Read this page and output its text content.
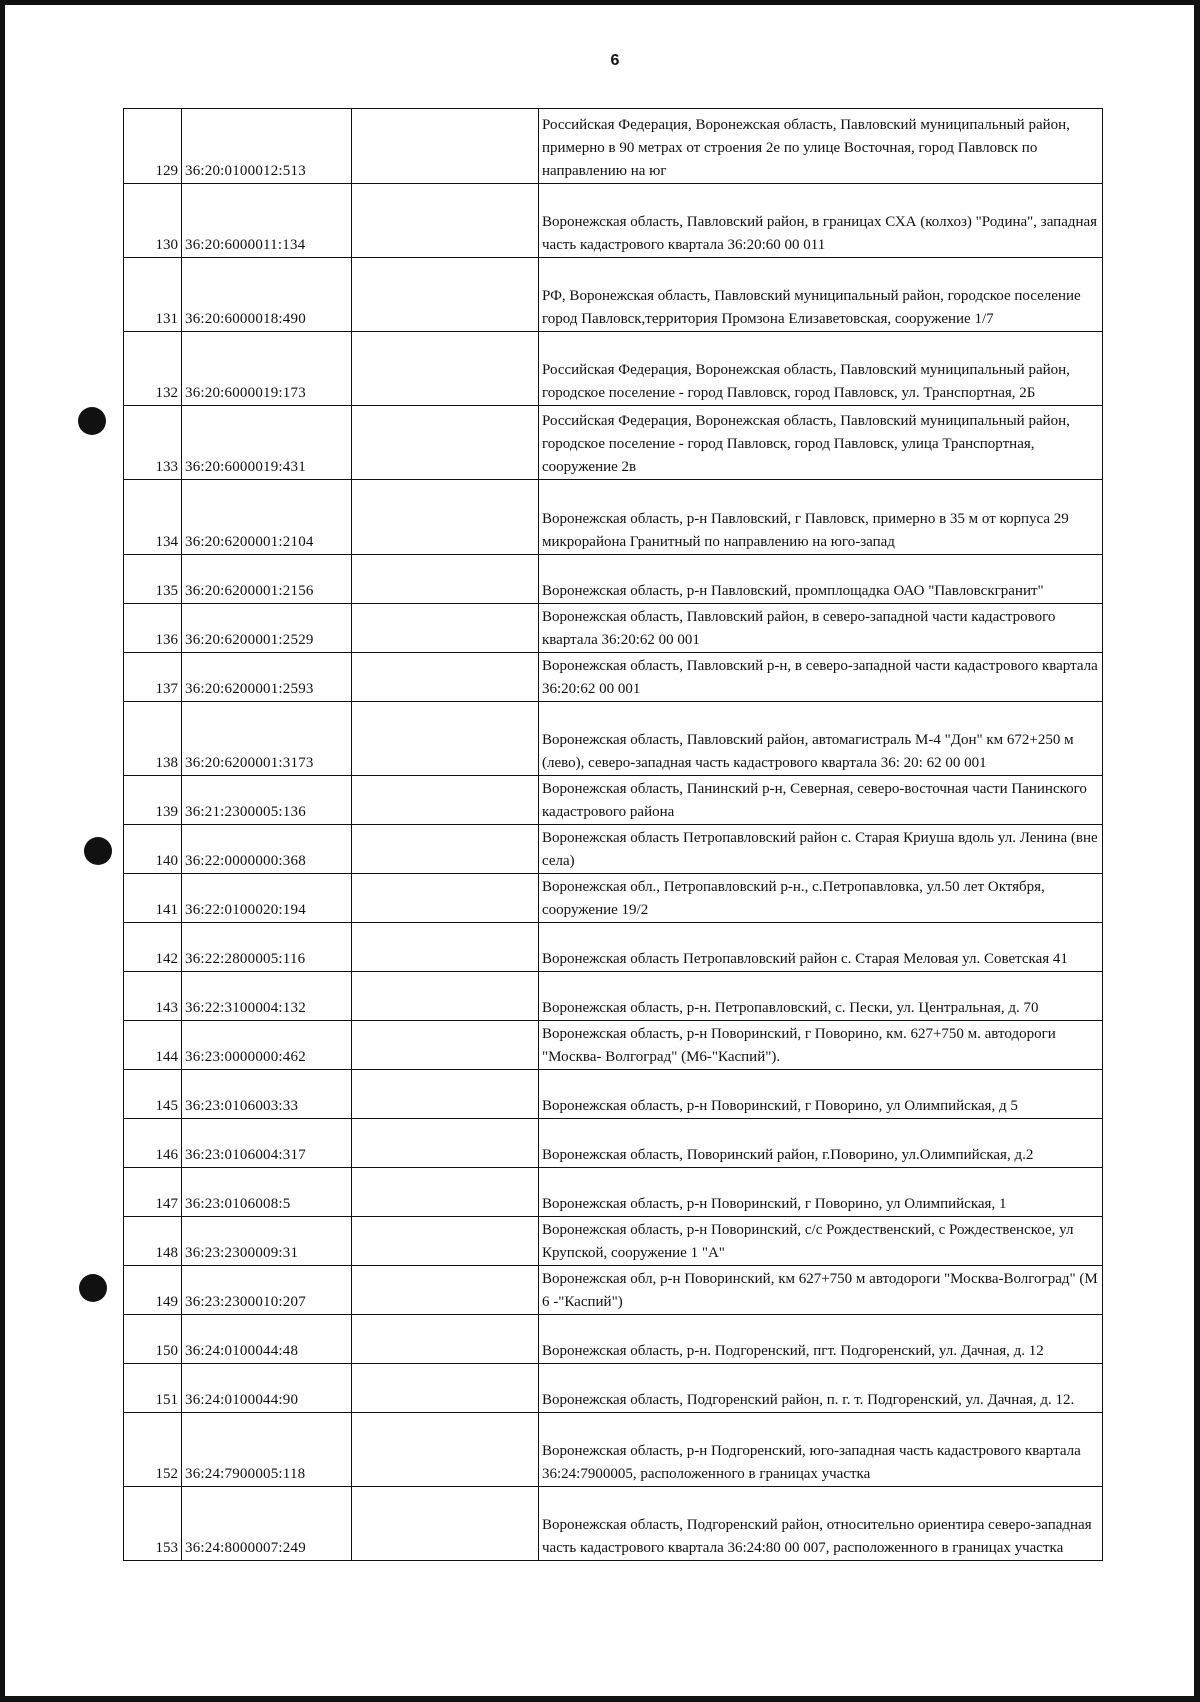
6
129	36:20:0100012:513		Российская Федерация, Воронежская область, Павловский муниципальный район, примерно в 90 метрах от строения 2е по улице Восточная, город Павловск по направлению на юг
130	36:20:6000011:134		Воронежская область, Павловский район, в границах СХА (колхоз) "Родина", западная часть кадастрового квартала 36:20:60 00 011
131	36:20:6000018:490		РФ, Воронежская область, Павловский муниципальный район, городское поселение город Павловск,территория Промзона Елизаветовская, сооружение 1/7
132	36:20:6000019:173		Российская Федерация, Воронежская область, Павловский муниципальный район, городское поселение - город Павловск, город Павловск, ул. Транспортная, 2Б
133	36:20:6000019:431		Российская Федерация, Воронежская область, Павловский муниципальный район, городское поселение - город Павловск, город Павловск, улица Транспортная, сооружение 2в
134	36:20:6200001:2104		Воронежская область, р-н Павловский, г Павловск, примерно в 35 м от корпуса 29 микрорайона Гранитный по направлению на юго-запад
135	36:20:6200001:2156		Воронежская область, р-н Павловский, промплощадка ОАО "Павловскгранит"
136	36:20:6200001:2529		Воронежская область, Павловский район, в северо-западной части кадастрового квартала 36:20:62 00 001
137	36:20:6200001:2593		Воронежская область, Павловский р-н, в северо-западной части кадастрового квартала 36:20:62 00 001
138	36:20:6200001:3173		Воронежская область, Павловский район, автомагистраль М-4 "Дон" км 672+250 м (лево), северо-западная часть кадастрового квартала 36: 20: 62 00 001
139	36:21:2300005:136		Воронежская область, Панинский р-н, Северная, северо-восточная части Панинского кадастрового района
140	36:22:0000000:368		Воронежская область Петропавловский район с. Старая Криуша вдоль ул. Ленина (вне села)
141	36:22:0100020:194		Воронежская обл., Петропавловский р-н., с.Петропавловка, ул.50 лет Октября, сооружение 19/2
142	36:22:2800005:116		Воронежская область Петропавловский район с. Старая Меловая ул. Советская 41
143	36:22:3100004:132		Воронежская область, р-н. Петропавловский, с. Пески, ул. Центральная, д. 70
144	36:23:0000000:462		Воронежская область, р-н Поворинский, г Поворино, км. 627+750 м. автодороги "Москва- Волгоград" (М6-"Каспий").
145	36:23:0106003:33		Воронежская область, р-н Поворинский, г Поворино, ул Олимпийская, д 5
146	36:23:0106004:317		Воронежская область, Поворинский район, г.Поворино, ул.Олимпийская, д.2
147	36:23:0106008:5		Воронежская область, р-н Поворинский, г Поворино, ул Олимпийская, 1
148	36:23:2300009:31		Воронежская область, р-н Поворинский, с/с Рождественский, с Рождественское, ул Крупской, сооружение 1 "А"
149	36:23:2300010:207		Воронежская обл, р-н Поворинский, км 627+750 м автодороги "Москва-Волгоград" (М 6 -"Каспий")
150	36:24:0100044:48		Воронежская область, р-н. Подгоренский, пгт. Подгоренский, ул. Дачная, д. 12
151	36:24:0100044:90		Воронежская область, Подгоренский район, п. г. т. Подгоренский, ул. Дачная, д. 12.
152	36:24:7900005:118		Воронежская область, р-н Подгоренский, юго-западная часть кадастрового квартала 36:24:7900005, расположенного в границах участка
153	36:24:8000007:249		Воронежская область, Подгоренский район, относительно ориентира северо-западная часть кадастрового квартала 36:24:80 00 007, расположенного в границах участка
